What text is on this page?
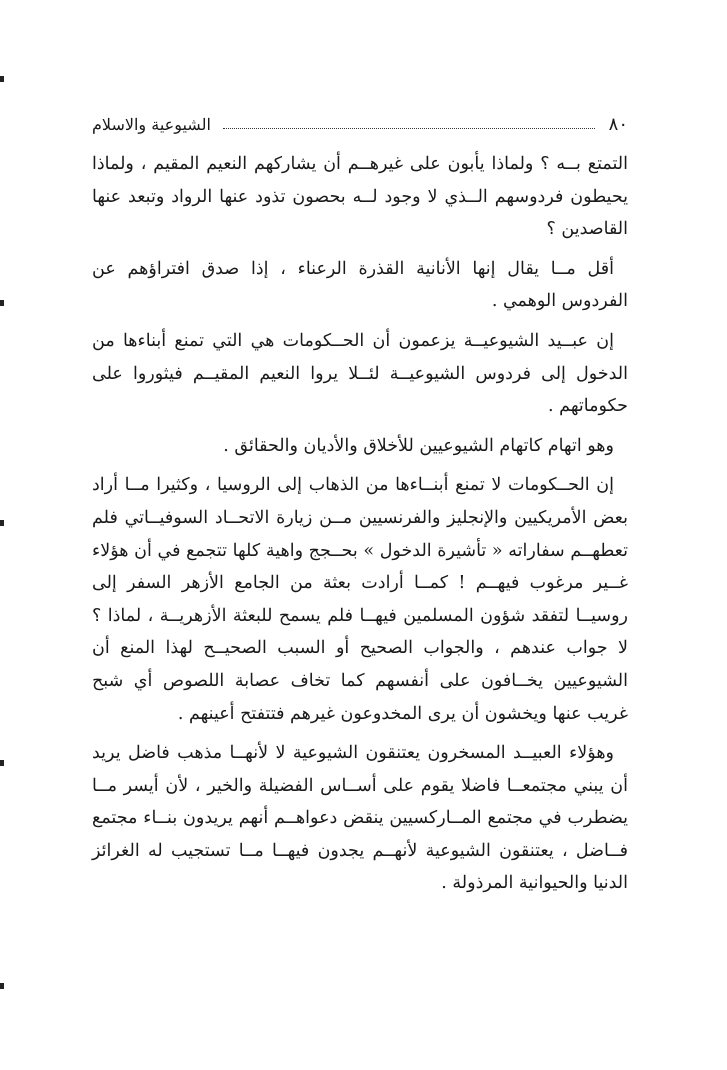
٨٠
الشيوعية والاسلام

التمتع بــه ؟ ولماذا يأبون على غيرهــم أن يشاركهم النعيم المقيم ، ولماذا يحيطون فردوسهم الــذي لا وجود لــه بحصون تذود عنها الرواد وتبعد عنها القاصدين ؟

أقل مــا يقال إنها الأنانية القذرة الرعناء ، إذا صدق افتراؤهم عن الفردوس الوهمي .

إن عبــيد الشيوعيــة يزعمون أن الحــكومات هي التي تمنع أبناءها من الدخول إلى فردوس الشيوعيــة لئــلا يروا النعيم المقيــم فيثوروا على حكوماتهم .

وهو اتهام كاتهام الشيوعيين للأخلاق والأديان والحقائق .

إن الحــكومات لا تمنع أبنــاءها من الذهاب إلى الروسيا ، وكثيرا مــا أراد بعض الأمريكيين والإنجليز والفرنسيين مــن زيارة الاتحــاد السوفيــاتي فلم تعطهــم سفاراته « تأشيرة الدخول » بحــجج واهية كلها تتجمع في أن هؤلاء غــير مرغوب فيهــم ! كمــا أرادت بعثة من الجامع الأزهر السفر إلى روسيــا لتفقد شؤون المسلمين فيهــا فلم يسمح للبعثة الأزهريــة ، لماذا ؟ لا جواب عندهم ، والجواب الصحيح أو السبب الصحيــح لهذا المنع أن الشيوعيين يخــافون على أنفسهم كما تخاف عصابة اللصوص أي شبح غريب عنها ويخشون أن يرى المخدوعون غيرهم فتتفتح أعينهم .

وهؤلاء العبيــد المسخرون يعتنقون الشيوعية لا لأنهــا مذهب فاضل يريد أن يبني مجتمعــا فاضلا يقوم على أســاس الفضيلة والخير ، لأن أيسر مــا يضطرب في مجتمع المــاركسيين ينقض دعواهــم أنهم يريدون بنــاء مجتمع فــاضل ، يعتنقون الشيوعية لأنهــم يجدون فيهــا مــا تستجيب له الغرائز الدنيا والحيوانية المرذولة .
